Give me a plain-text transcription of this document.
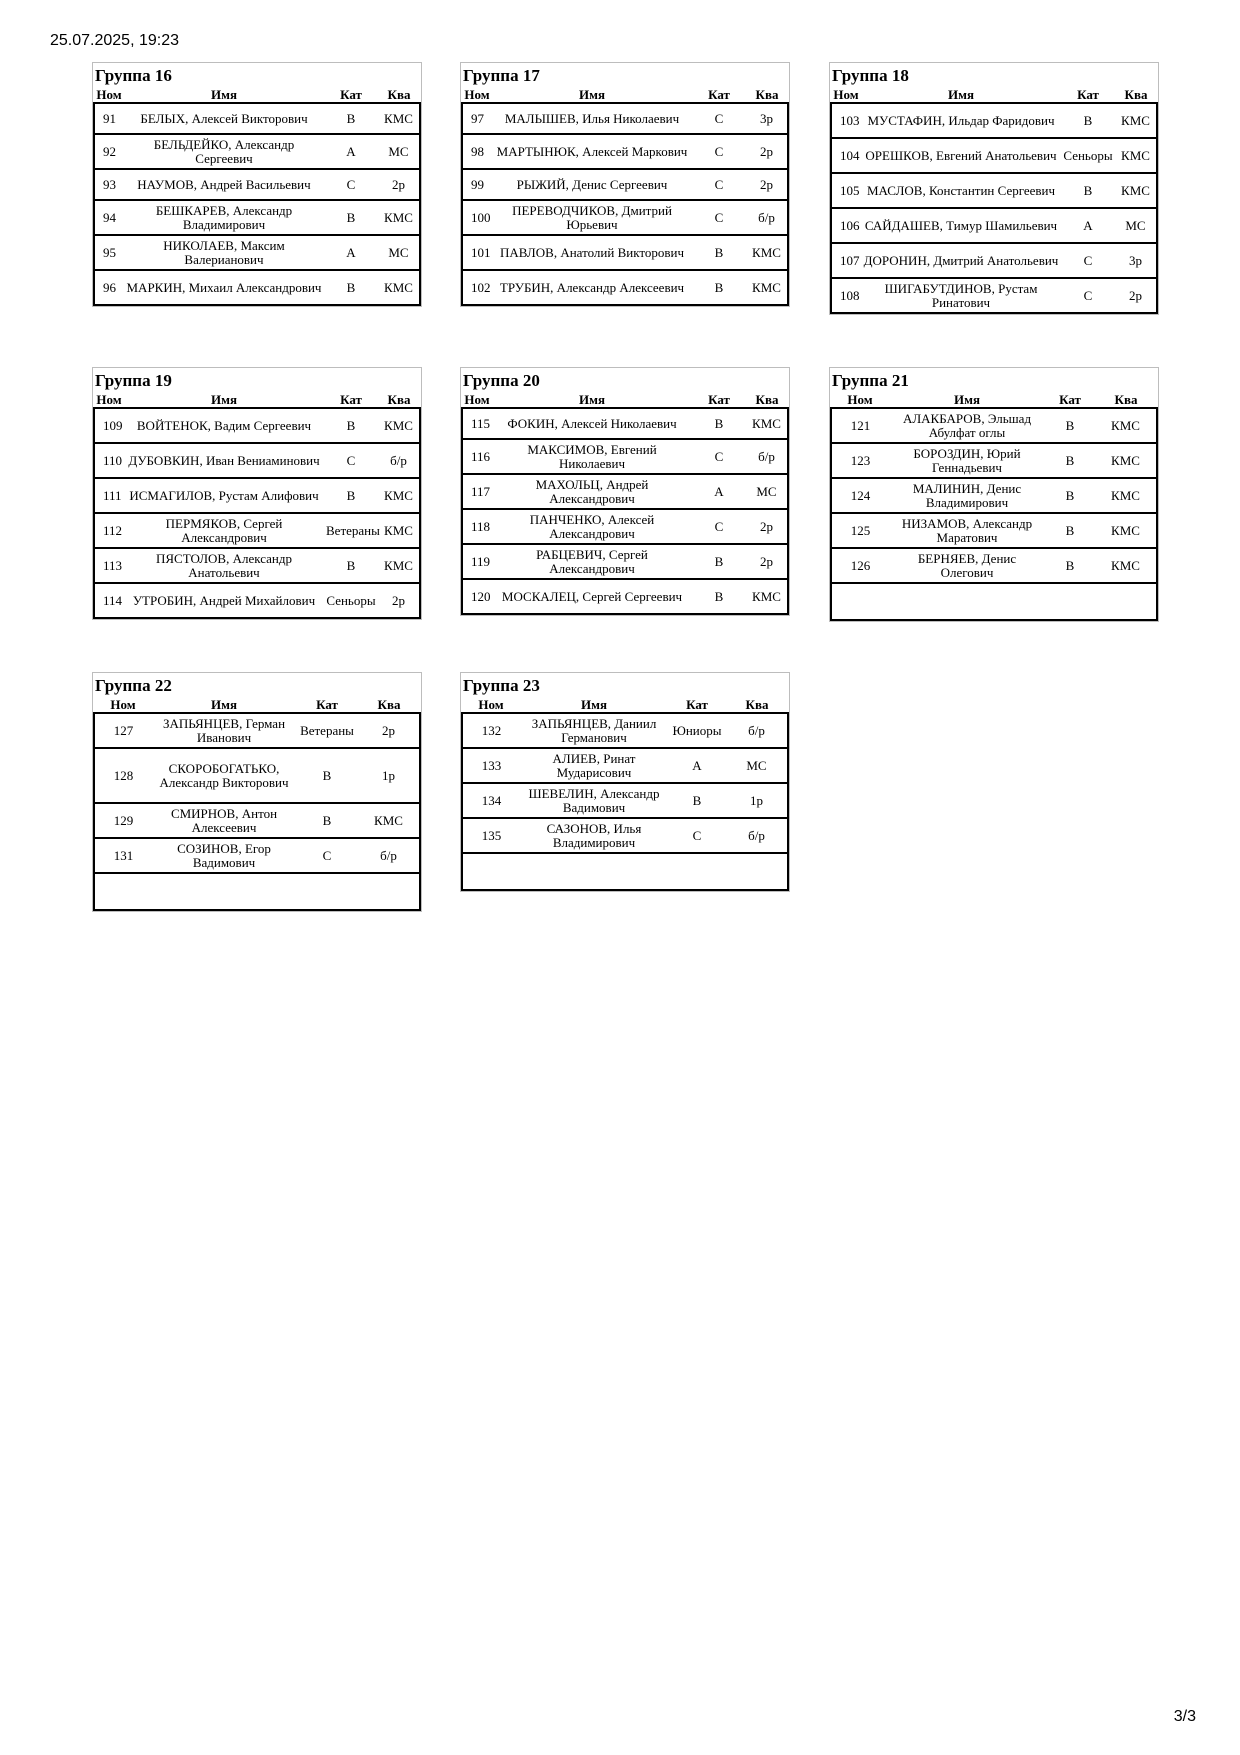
25.07.2025, 19:23
Группа 16
Ном	Имя	Кат	Ква
91	БЕЛЫХ, Алексей Викторович	B	КМС
92	БЕЛЬДЕЙКО, Александр Сергеевич	A	МС
93	НАУМОВ, Андрей Васильевич	C	2р
94	БЕШКАРЕВ, Александр Владимирович	B	КМС
95	НИКОЛАЕВ, Максим Валерианович	A	МС
96	МАРКИН, Михаил Александрович	B	КМС
Группа 17
Ном	Имя	Кат	Ква
97	МАЛЫШЕВ, Илья Николаевич	C	3р
98	МАРТЫНЮК, Алексей Маркович	C	2р
99	РЫЖИЙ, Денис Сергеевич	C	2р
100	ПЕРЕВОДЧИКОВ, Дмитрий Юрьевич	C	б/р
101	ПАВЛОВ, Анатолий Викторович	B	КМС
102	ТРУБИН, Александр Алексеевич	B	КМС
Группа 18
Ном	Имя	Кат	Ква
103	МУСТАФИН, Ильдар Фаридович	B	КМС
104	ОРЕШКОВ, Евгений Анатольевич	Сеньоры	КМС
105	МАСЛОВ, Константин Сергеевич	B	КМС
106	САЙДАШЕВ, Тимур Шамильевич	A	МС
107	ДОРОНИН, Дмитрий Анатольевич	C	3р
108	ШИГАБУТДИНОВ, Рустам Ринатович	C	2р
Группа 19
Ном	Имя	Кат	Ква
109	ВОЙТЕНОК, Вадим Сергеевич	B	КМС
110	ДУБОВКИН, Иван Вениаминович	C	б/р
111	ИСМАГИЛОВ, Рустам Алифович	B	КМС
112	ПЕРМЯКОВ, Сергей Александрович	Ветераны	КМС
113	ПЯСТОЛОВ, Александр Анатольевич	B	КМС
114	УТРОБИН, Андрей Михайлович	Сеньоры	2р
Группа 20
Ном	Имя	Кат	Ква
115	ФОКИН, Алексей Николаевич	B	КМС
116	МАКСИМОВ, Евгений Николаевич	C	б/р
117	МАХОЛЬЦ, Андрей Александрович	A	МС
118	ПАНЧЕНКО, Алексей Александрович	C	2р
119	РАБЦЕВИЧ, Сергей Александрович	B	2р
120	МОСКАЛЕЦ, Сергей Сергеевич	B	КМС
Группа 21
Ном	Имя	Кат	Ква
121	АЛАКБАРОВ, Эльшад Абулфат оглы	B	КМС
123	БОРОЗДИН, Юрий Геннадьевич	B	КМС
124	МАЛИНИН, Денис Владимирович	B	КМС
125	НИЗАМОВ, Александр Маратович	B	КМС
126	БЕРНЯЕВ, Денис Олегович	B	КМС

Группа 22
Ном	Имя	Кат	Ква
127	ЗАПЬЯНЦЕВ, Герман Иванович	Ветераны	2р
128	СКОРОБОГАТЬКО, Александр Викторович	B	1р
129	СМИРНОВ, Антон Алексеевич	B	КМС
131	СОЗИНОВ, Егор Вадимович	C	б/р

Группа 23
Ном	Имя	Кат	Ква
132	ЗАПЬЯНЦЕВ, Даниил Германович	Юниоры	б/р
133	АЛИЕВ, Ринат Мударисович	A	МС
134	ШЕВЕЛИН, Александр Вадимович	B	1р
135	САЗОНОВ, Илья Владимирович	C	б/р

3/3
